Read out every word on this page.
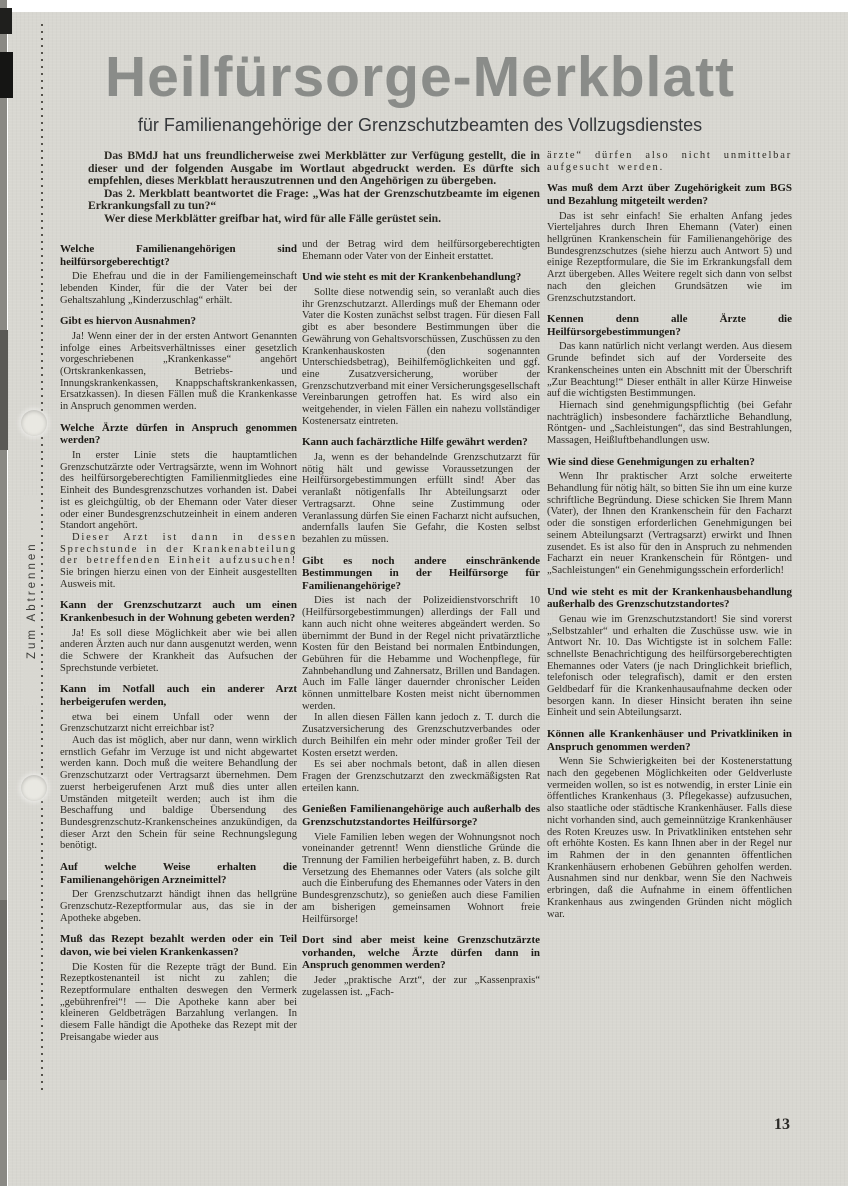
Zum Abtrennen
Heilfürsorge-Merkblatt
für Familienangehörige der Grenzschutzbeamten des Vollzugsdienstes

Das BMdJ hat uns freundlicherweise zwei Merkblätter zur Verfügung gestellt, die in dieser und der folgenden Ausgabe im Wortlaut abgedruckt werden. Es dürfte sich empfehlen, dieses Merkblatt herauszutrennen und den Angehörigen zu übergeben.

Das 2. Merkblatt beantwortet die Frage: „Was hat der Grenzschutzbeamte im eigenen Erkrankungsfall zu tun?“

Wer diese Merkblätter greifbar hat, wird für alle Fälle gerüstet sein.

Welche Familienangehörigen sind heilfürsorgeberechtigt?

Die Ehefrau und die in der Familiengemeinschaft lebenden Kinder, für die der Vater bei der Gehaltszahlung „Kinderzuschlag“ erhält.

Gibt es hiervon Ausnahmen?

Ja! Wenn einer der in der ersten Antwort Genannten infolge eines Arbeitsverhältnisses einer gesetzlich vorgeschriebenen „Krankenkasse“ angehört (Ortskrankenkassen, Betriebs- und Innungskrankenkassen, Knappschaftskrankenkassen, Ersatzkassen). In diesen Fällen muß die Krankenkasse in Anspruch genommen werden.

Welche Ärzte dürfen in Anspruch genommen werden?

In erster Linie stets die hauptamtlichen Grenzschutzärzte oder Vertragsärzte, wenn im Wohnort des heilfürsorgeberechtigten Familienmitgliedes eine Einheit des Bundesgrenzschutzes vorhanden ist. Dabei ist es gleichgültig, ob der Ehemann oder Vater dieser oder einer Bundesgrenzschutzeinheit in einem anderen Standort angehört.

Dieser Arzt ist dann in dessen Sprechstunde in der Krankenabteilung der betreffenden Einheit aufzusuchen! Sie bringen hierzu einen von der Einheit ausgestellten Ausweis mit.

Kann der Grenzschutzarzt auch um einen Krankenbesuch in der Wohnung gebeten werden?

Ja! Es soll diese Möglichkeit aber wie bei allen anderen Ärzten auch nur dann ausgenutzt werden, wenn die Schwere der Krankheit das Aufsuchen der Sprechstunde verbietet.

Kann im Notfall auch ein anderer Arzt herbeigerufen werden,

etwa bei einem Unfall oder wenn der Grenzschutzarzt nicht erreichbar ist?

Auch das ist möglich, aber nur dann, wenn wirklich ernstlich Gefahr im Verzuge ist und nicht abgewartet werden kann. Doch muß die weitere Behandlung der Grenzschutzarzt oder Vertragsarzt übernehmen. Dem zuerst herbeigerufenen Arzt muß dies unter allen Umständen mitgeteilt werden; auch ist ihm die Beschaffung und baldige Übersendung des Bundesgrenzschutz-Krankenscheines anzukündigen, da dieser Arzt den Schein für seine Rechnungslegung benötigt.

Auf welche Weise erhalten die Familienangehörigen Arzneimittel?

Der Grenzschutzarzt händigt ihnen das hellgrüne Grenzschutz-Rezeptformular aus, das sie in der Apotheke abgeben.

Muß das Rezept bezahlt werden oder ein Teil davon, wie bei vielen Krankenkassen?

Die Kosten für die Rezepte trägt der Bund. Ein Rezeptkostenanteil ist nicht zu zahlen; die Rezeptformulare enthalten deswegen den Vermerk „gebührenfrei“! — Die Apotheke kann aber bei kleineren Geldbeträgen Barzahlung verlangen. In diesem Falle händigt die Apotheke das Rezept mit der Preisangabe wieder aus

und der Betrag wird dem heilfürsorgeberechtigten Ehemann oder Vater von der Einheit erstattet.

Und wie steht es mit der Krankenbehandlung?

Sollte diese notwendig sein, so veranlaßt auch dies ihr Grenzschutzarzt. Allerdings muß der Ehemann oder Vater die Kosten zunächst selbst tragen. Für diesen Fall gibt es aber besondere Bestimmungen über die Gewährung von Gehaltsvorschüssen, Zuschüssen zu den Krankenhauskosten (den sogenannten Unterschiedsbetrag), Beihilfemöglichkeiten und ggf. eine Zusatzversicherung, worüber der Grenzschutzverband mit einer Versicherungsgesellschaft Vereinbarungen getroffen hat. Es wird also ein weitgehender, in vielen Fällen ein nahezu vollständiger Kostenersatz eintreten.

Kann auch fachärztliche Hilfe gewährt werden?

Ja, wenn es der behandelnde Grenzschutzarzt für nötig hält und gewisse Voraussetzungen der Heilfürsorgebestimmungen erfüllt sind! Aber das veranlaßt nötigenfalls Ihr Abteilungsarzt oder Vertragsarzt. Ohne seine Zustimmung oder Veranlassung dürfen Sie einen Facharzt nicht aufsuchen, andernfalls laufen Sie Gefahr, die Kosten selbst bezahlen zu müssen.

Gibt es noch andere einschränkende Bestimmungen in der Heilfürsorge für Familienangehörige?

Dies ist nach der Polizeidienstvorschrift 10 (Heilfürsorgebestimmungen) allerdings der Fall und kann auch nicht ohne weiteres abgeändert werden. So übernimmt der Bund in der Regel nicht privatärztliche Kosten für den Beistand bei normalen Entbindungen, Gebühren für die Hebamme und Wochenpflege, für Zahnbehandlung und Zahnersatz, Brillen und Bandagen. Auch im Falle länger dauernder chronischer Leiden können unmittelbare Kosten meist nicht übernommen werden.

In allen diesen Fällen kann jedoch z. T. durch die Zusatzversicherung des Grenzschutzverbandes oder durch Beihilfen ein mehr oder minder großer Teil der Kosten ersetzt werden.

Es sei aber nochmals betont, daß in allen diesen Fragen der Grenzschutzarzt den zweckmäßigsten Rat erteilen kann.

Genießen Familienangehörige auch außerhalb des Grenzschutzstandortes Heilfürsorge?

Viele Familien leben wegen der Wohnungsnot noch voneinander getrennt! Wenn dienstliche Gründe die Trennung der Familien herbeigeführt haben, z. B. durch Versetzung des Ehemannes oder Vaters (als solche gilt auch die Einberufung des Ehemannes oder Vaters in den Bundesgrenzschutz), so genießen auch diese Familien am bisherigen gemeinsamen Wohnort freie Heilfürsorge!

Dort sind aber meist keine Grenzschutzärzte vorhanden, welche Ärzte dürfen dann in Anspruch genommen werden?

Jeder „praktische Arzt“, der zur „Kassenpraxis“ zugelassen ist. „Fach-

ärzte“ dürfen also nicht unmittelbar aufgesucht werden.

Was muß dem Arzt über Zugehörigkeit zum BGS und Bezahlung mitgeteilt werden?

Das ist sehr einfach! Sie erhalten Anfang jedes Vierteljahres durch Ihren Ehemann (Vater) einen hellgrünen Krankenschein für Familienangehörige des Bundesgrenzschutzes (siehe hierzu auch Antwort 5) und einige Rezeptformulare, die Sie im Erkrankungsfall dem Arzt übergeben. Alles Weitere regelt sich dann von selbst nach den gleichen Grundsätzen wie im Grenzschutzstandort.

Kennen denn alle Ärzte die Heilfürsorgebestimmungen?

Das kann natürlich nicht verlangt werden. Aus diesem Grunde befindet sich auf der Vorderseite des Krankenscheines unten ein Abschnitt mit der Überschrift „Zur Beachtung!“ Dieser enthält in aller Kürze Hinweise auf die wichtigsten Bestimmungen.

Hiernach sind genehmigungspflichtig (bei Gefahr nachträglich) insbesondere fachärztliche Behandlung, Röntgen- und „Sachleistungen“, das sind Bestrahlungen, Massagen, Heißluftbehandlungen usw.

Wie sind diese Genehmigungen zu erhalten?

Wenn Ihr praktischer Arzt solche erweiterte Behandlung für nötig hält, so bitten Sie ihn um eine kurze schriftliche Begründung. Diese schicken Sie Ihrem Mann (Vater), der Ihnen den Krankenschein für den Facharzt oder die sonstigen erforderlichen Genehmigungen bei seinem Abteilungsarzt (Vertragsarzt) erwirkt und Ihnen zusendet. Es ist also für den in Anspruch zu nehmenden Facharzt ein neuer Krankenschein für Röntgen- und „Sachleistungen“ ein Genehmigungsschein erforderlich!

Und wie steht es mit der Krankenhausbehandlung außerhalb des Grenzschutzstandortes?

Genau wie im Grenzschutzstandort! Sie sind vorerst „Selbstzahler“ und erhalten die Zuschüsse usw. wie in Antwort Nr. 10. Das Wichtigste ist in solchem Falle: schnellste Benachrichtigung des heilfürsorgeberechtigten Ehemannes oder Vaters (je nach Dringlichkeit brieflich, telefonisch oder telegrafisch), damit er den ersten Geldbedarf für die Krankenhausaufnahme decken oder besorgen kann. In dieser Hinsicht beraten ihn seine Einheit und sein Abteilungsarzt.

Können alle Krankenhäuser und Privatkliniken in Anspruch genommen werden?

Wenn Sie Schwierigkeiten bei der Kostenerstattung nach den gegebenen Möglichkeiten oder Geldverluste vermeiden wollen, so ist es notwendig, in erster Linie ein öffentliches Krankenhaus (3. Pflegekasse) aufzusuchen, also staatliche oder städtische Krankenhäuser. Falls diese nicht vorhanden sind, auch gemeinnützige Krankenhäuser des Roten Kreuzes usw. In Privatkliniken entstehen sehr oft erhöhte Kosten. Es kann Ihnen aber in der Regel nur im Rahmen der in den genannten öffentlichen Krankenhäusern erhobenen Gebühren geholfen werden. Ausnahmen sind nur denkbar, wenn Sie den Nachweis erbringen, daß die Aufnahme in einem öffentlichen Krankenhaus aus zwingenden Gründen nicht möglich war.

13
